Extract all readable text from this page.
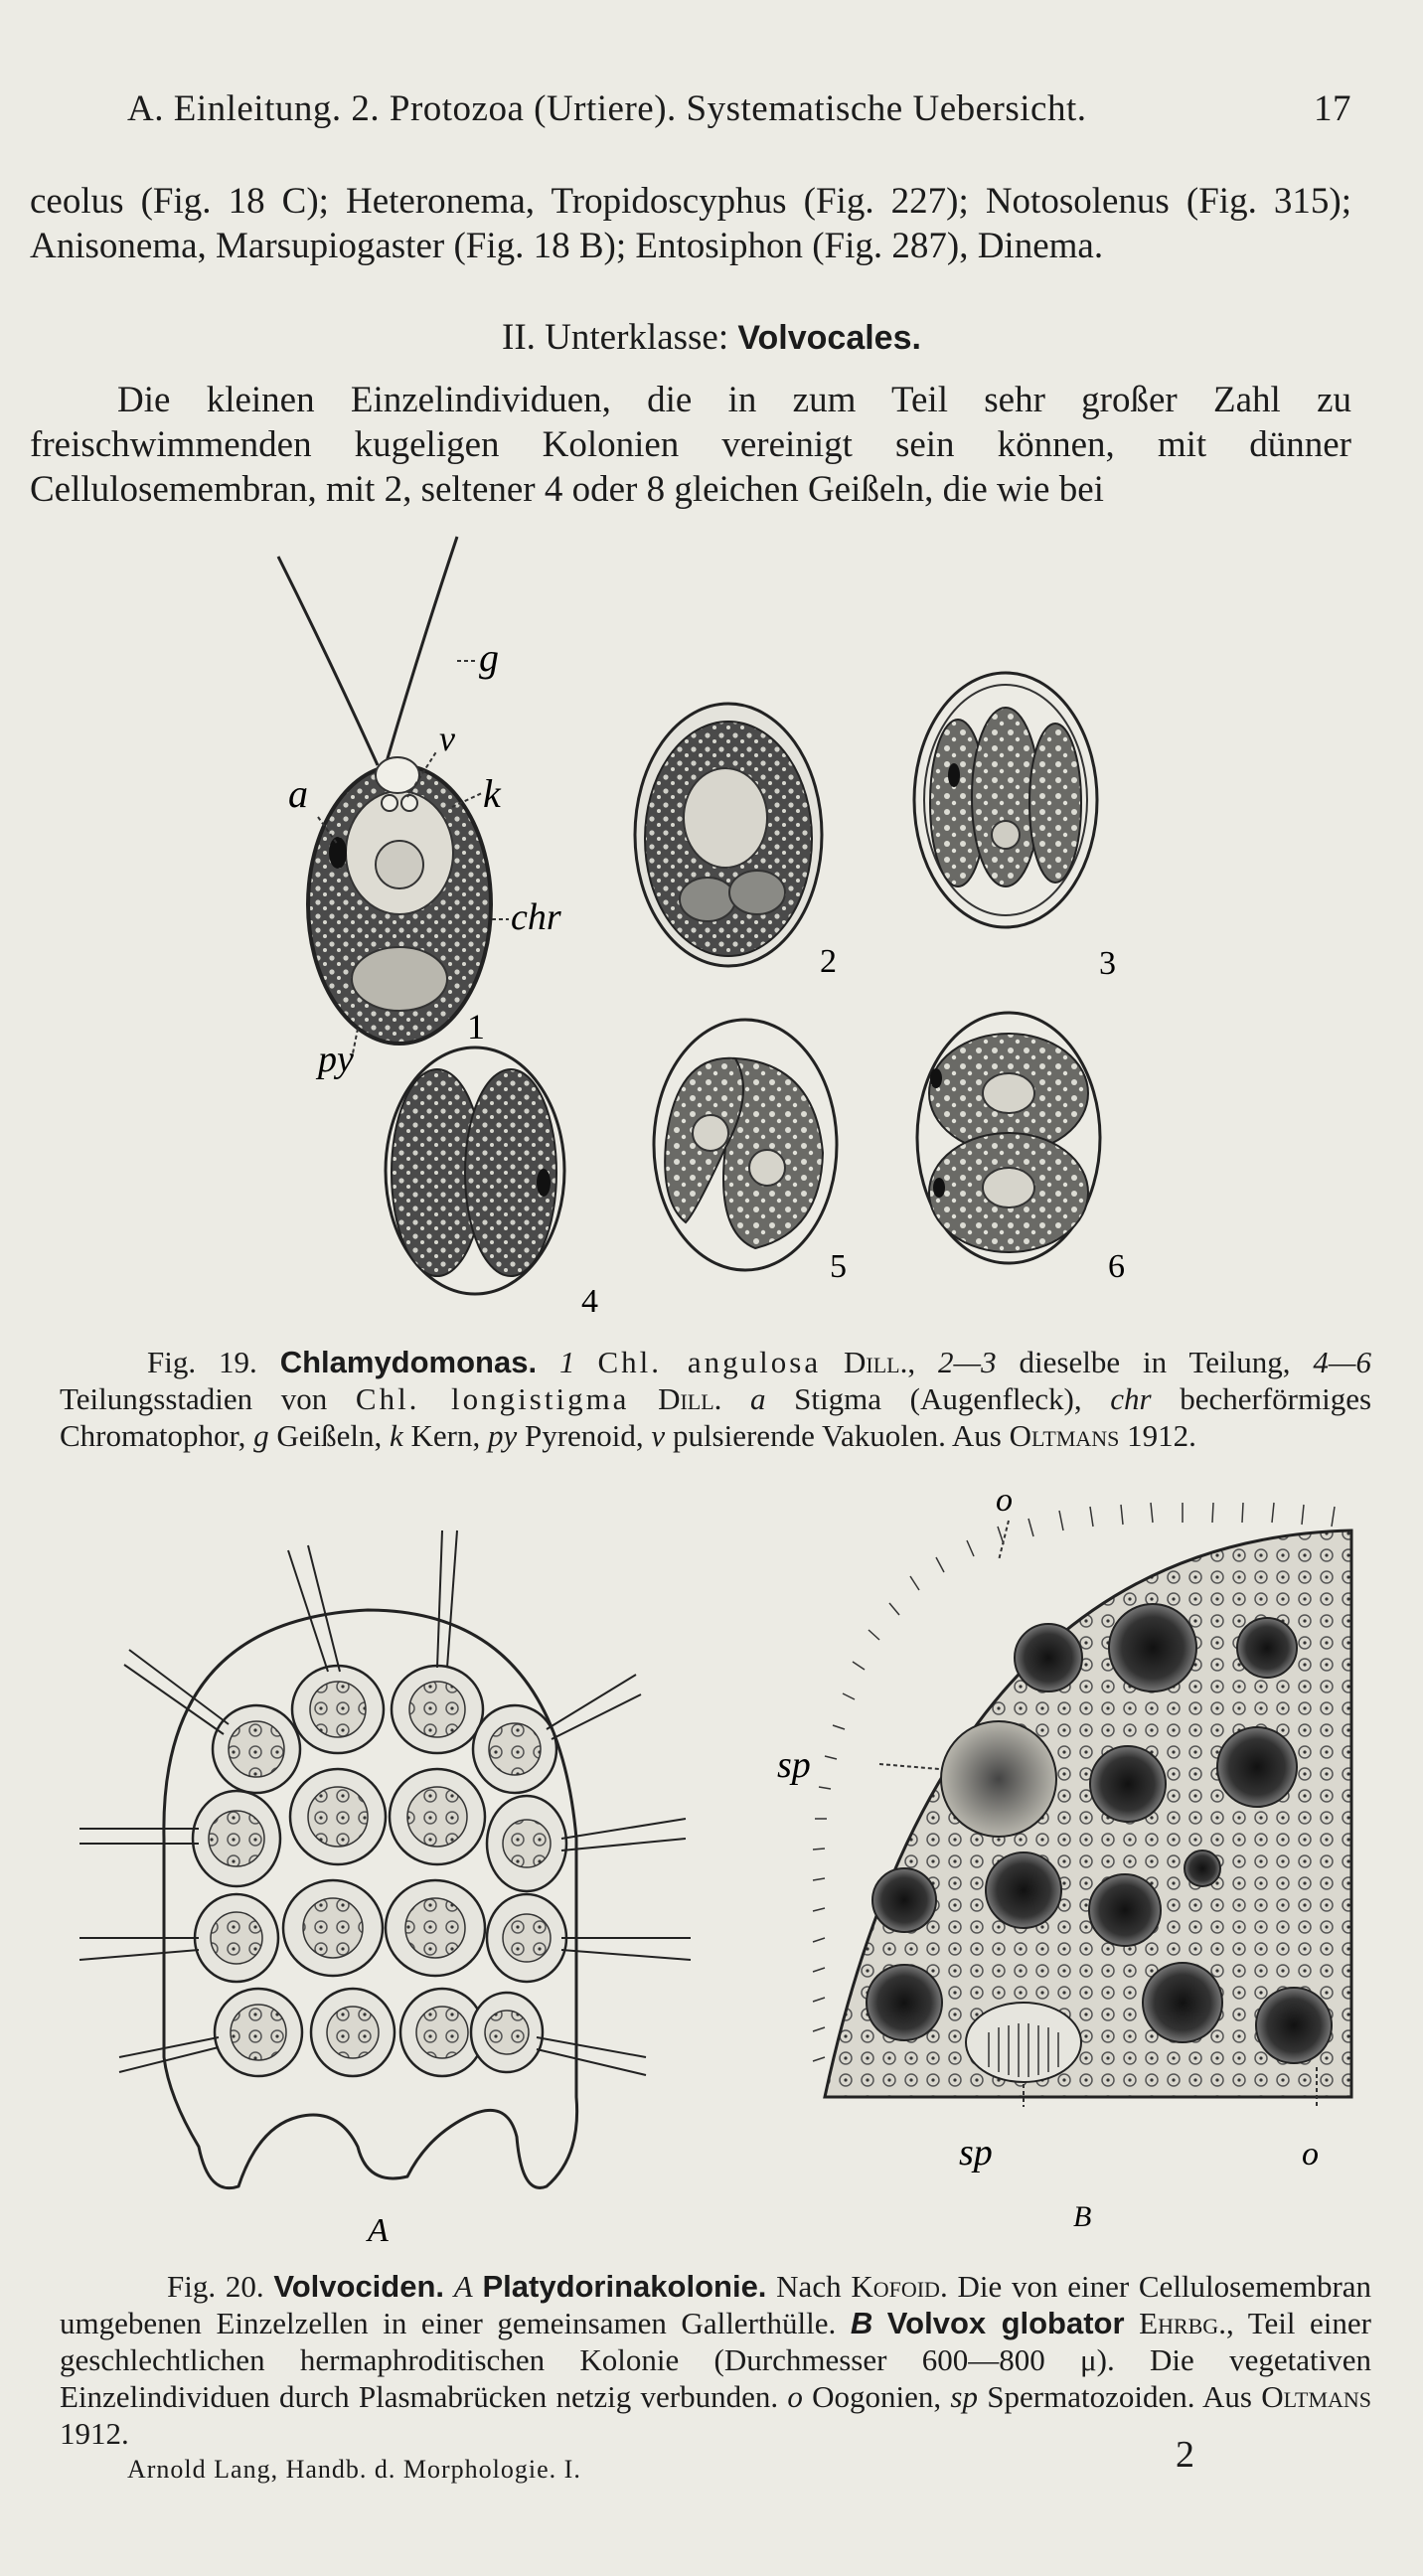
A. Einleitung. 2. Protozoa (Urtiere). Systematische Uebersicht.	17
ceolus (Fig. 18 C); Heteronema, Tropidoscyphus (Fig. 227); Notosolenus (Fig. 315); Anisonema, Marsupiogaster (Fig. 18 B); Entosiphon (Fig. 287), Dinema.
II. Unterklasse: Volvocales.
Die kleinen Einzelindividuen, die in zum Teil sehr großer Zahl zu freischwimmenden kugeligen Kolonien vereinigt sein können, mit dünner Cellulosemembran, mit 2, seltener 4 oder 8 gleichen Geißeln, die wie bei
g
v
a	k
chr
py
1
2	3
4
5	6
Fig. 19. Chlamydomonas. 1 Chl. angulosa Dill., 2—3 dieselbe in Teilung, 4—6 Teilungsstadien von Chl. longistigma Dill. a Stigma (Augenfleck), chr becherförmiges Chromatophor, g Geißeln, k Kern, py Pyrenoid, v pulsierende Vakuolen. Aus Oltmans 1912.
A
o
sp
sp	o
B
Fig. 20. Volvociden. A Platydorinakolonie. Nach Kofoid. Die von einer Cellulosemembran umgebenen Einzelzellen in einer gemeinsamen Gallerthülle. B Volvox globator Ehrbg., Teil einer geschlechtlichen hermaphroditischen Kolonie (Durchmesser 600—800 μ). Die vegetativen Einzelindividuen durch Plasmabrücken netzig verbunden. o Oogonien, sp Spermatozoiden. Aus Oltmans 1912.
Arnold Lang, Handb. d. Morphologie. I.	2
